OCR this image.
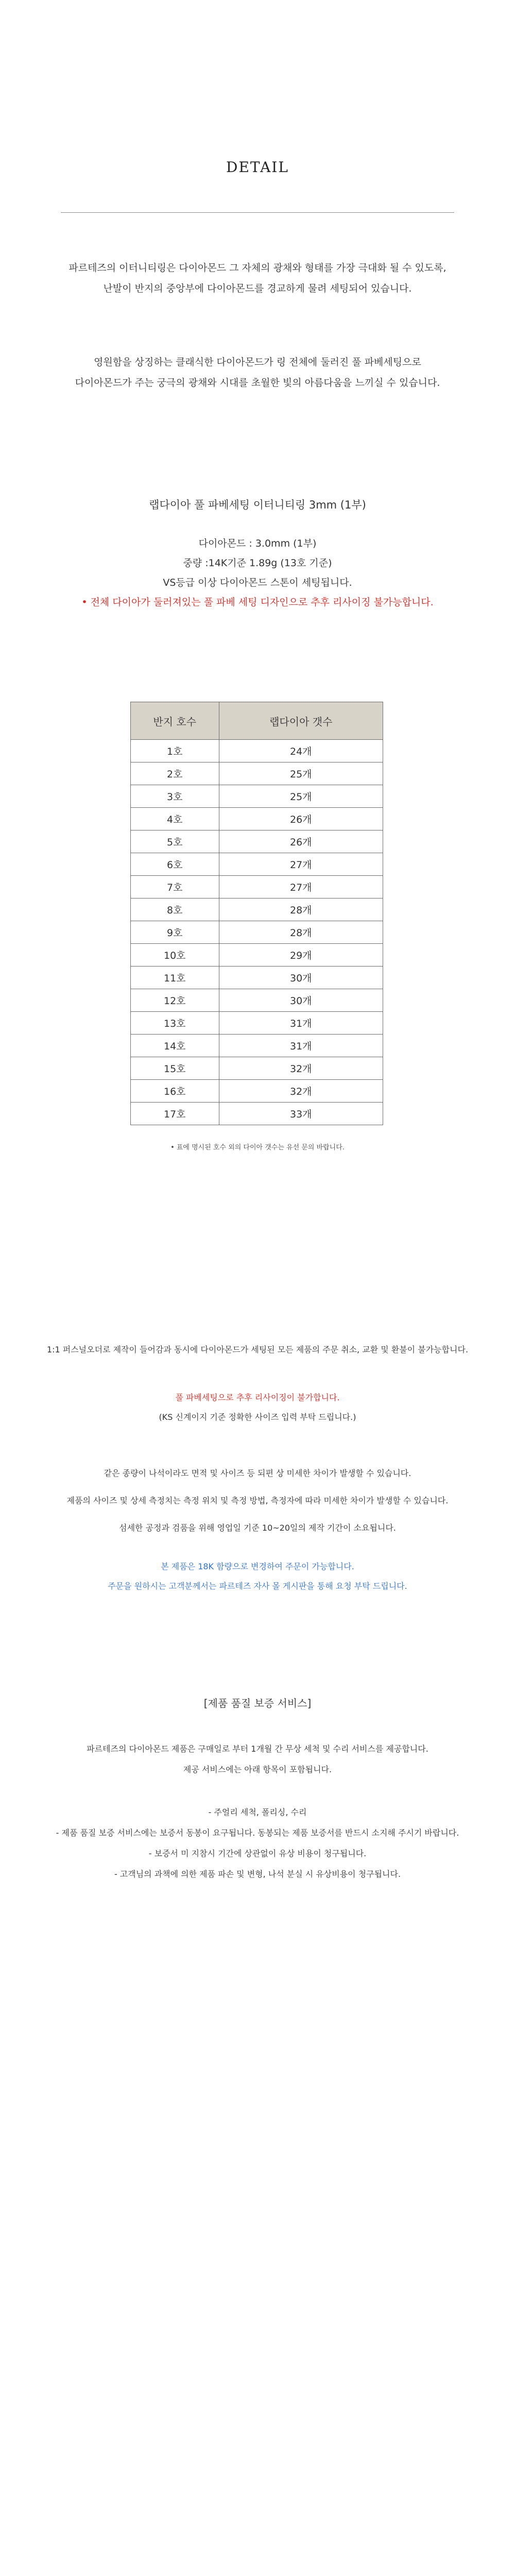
DETAIL
파르테즈의 이터니티링은 다이아몬드 그 자체의 광채와 형태를 가장 극대화 될 수 있도록,
난발이 반지의 중앙부에 다이아몬드를 경교하게 물려 세팅되어 있습니다.
영원함을 상징하는 클래식한 다이아몬드가 링 전체에 둘러진 풀 파베세팅으로
다이아몬드가 주는 궁극의 광채와 시대를 초월한 빛의 아름다움을 느끼실 수 있습니다.
랩다이아 풀 파베세팅 이터니티링 3mm (1부)
다이아몬드 : 3.0mm (1부)
중량 :14K기준 1.89g (13호 기준)
VS등급 이상 다이아몬드 스톤이 세팅됩니다.
• 전체 다이아가 둘러져있는 풀 파베 세팅 디자인으로 추후 리사이징 불가능합니다.
반지 호수	랩다이아 갯수
1호	24개
2호	25개
3호	25개
4호	26개
5호	26개
6호	27개
7호	27개
8호	28개
9호	28개
10호	29개
11호	30개
12호	30개
13호	31개
14호	31개
15호	32개
16호	32개
17호	33개
• 표에 명시된 호수 외의 다이아 갯수는 유선 문의 바랍니다.
1:1 퍼스널오더로 제작이 들어감과 동시에 다이아몬드가 세팅된 모든 제품의 주문 취소, 교환 및 환불이 불가능합니다.
풀 파베세팅으로 추후 리사이징이 불가합니다.
(KS 신계이지 기준 정확한 사이즈 입력 부탁 드립니다.)
같은 종량이 나석이라도 면적 및 사이즈 등 되편 상 미세한 차이가 발생할 수 있습니다.
제품의 사이즈 및 상세 측정치는 측정 위치 및 측정 방법, 측정자에 따라 미세한 차이가 발생할 수 있습니다.
섬세한 공정과 검품을 위해 영업일 기준 10~20일의 제작 기간이 소요됩니다.
본 제품은 18K 함량으로 변경하여 주문이 가능합니다.
주문을 원하시는 고객분께서는 파르테즈 자사 몰 게시판을 통해 요청 부탁 드립니다.
[제품 품질 보증 서비스]
파르테즈의 다이아몬드 제품은 구매일로 부터 1개월 간 무상 세척 및 수리 서비스를 제공합니다.
제공 서비스에는 아래 항목이 포함됩니다.
- 주얼리 세척, 폴리싱, 수리
- 제품 품질 보증 서비스에는 보증서 동봉이 요구됩니다. 동봉되는 제품 보증서를 반드시 소지해 주시기 바랍니다.
- 보증서 미 지참시 기간에 상관없이 유상 비용이 청구됩니다.
- 고객님의 과책에 의한 제품 파손 및 변형, 나석 분실 시 유상비용이 청구됩니다.
